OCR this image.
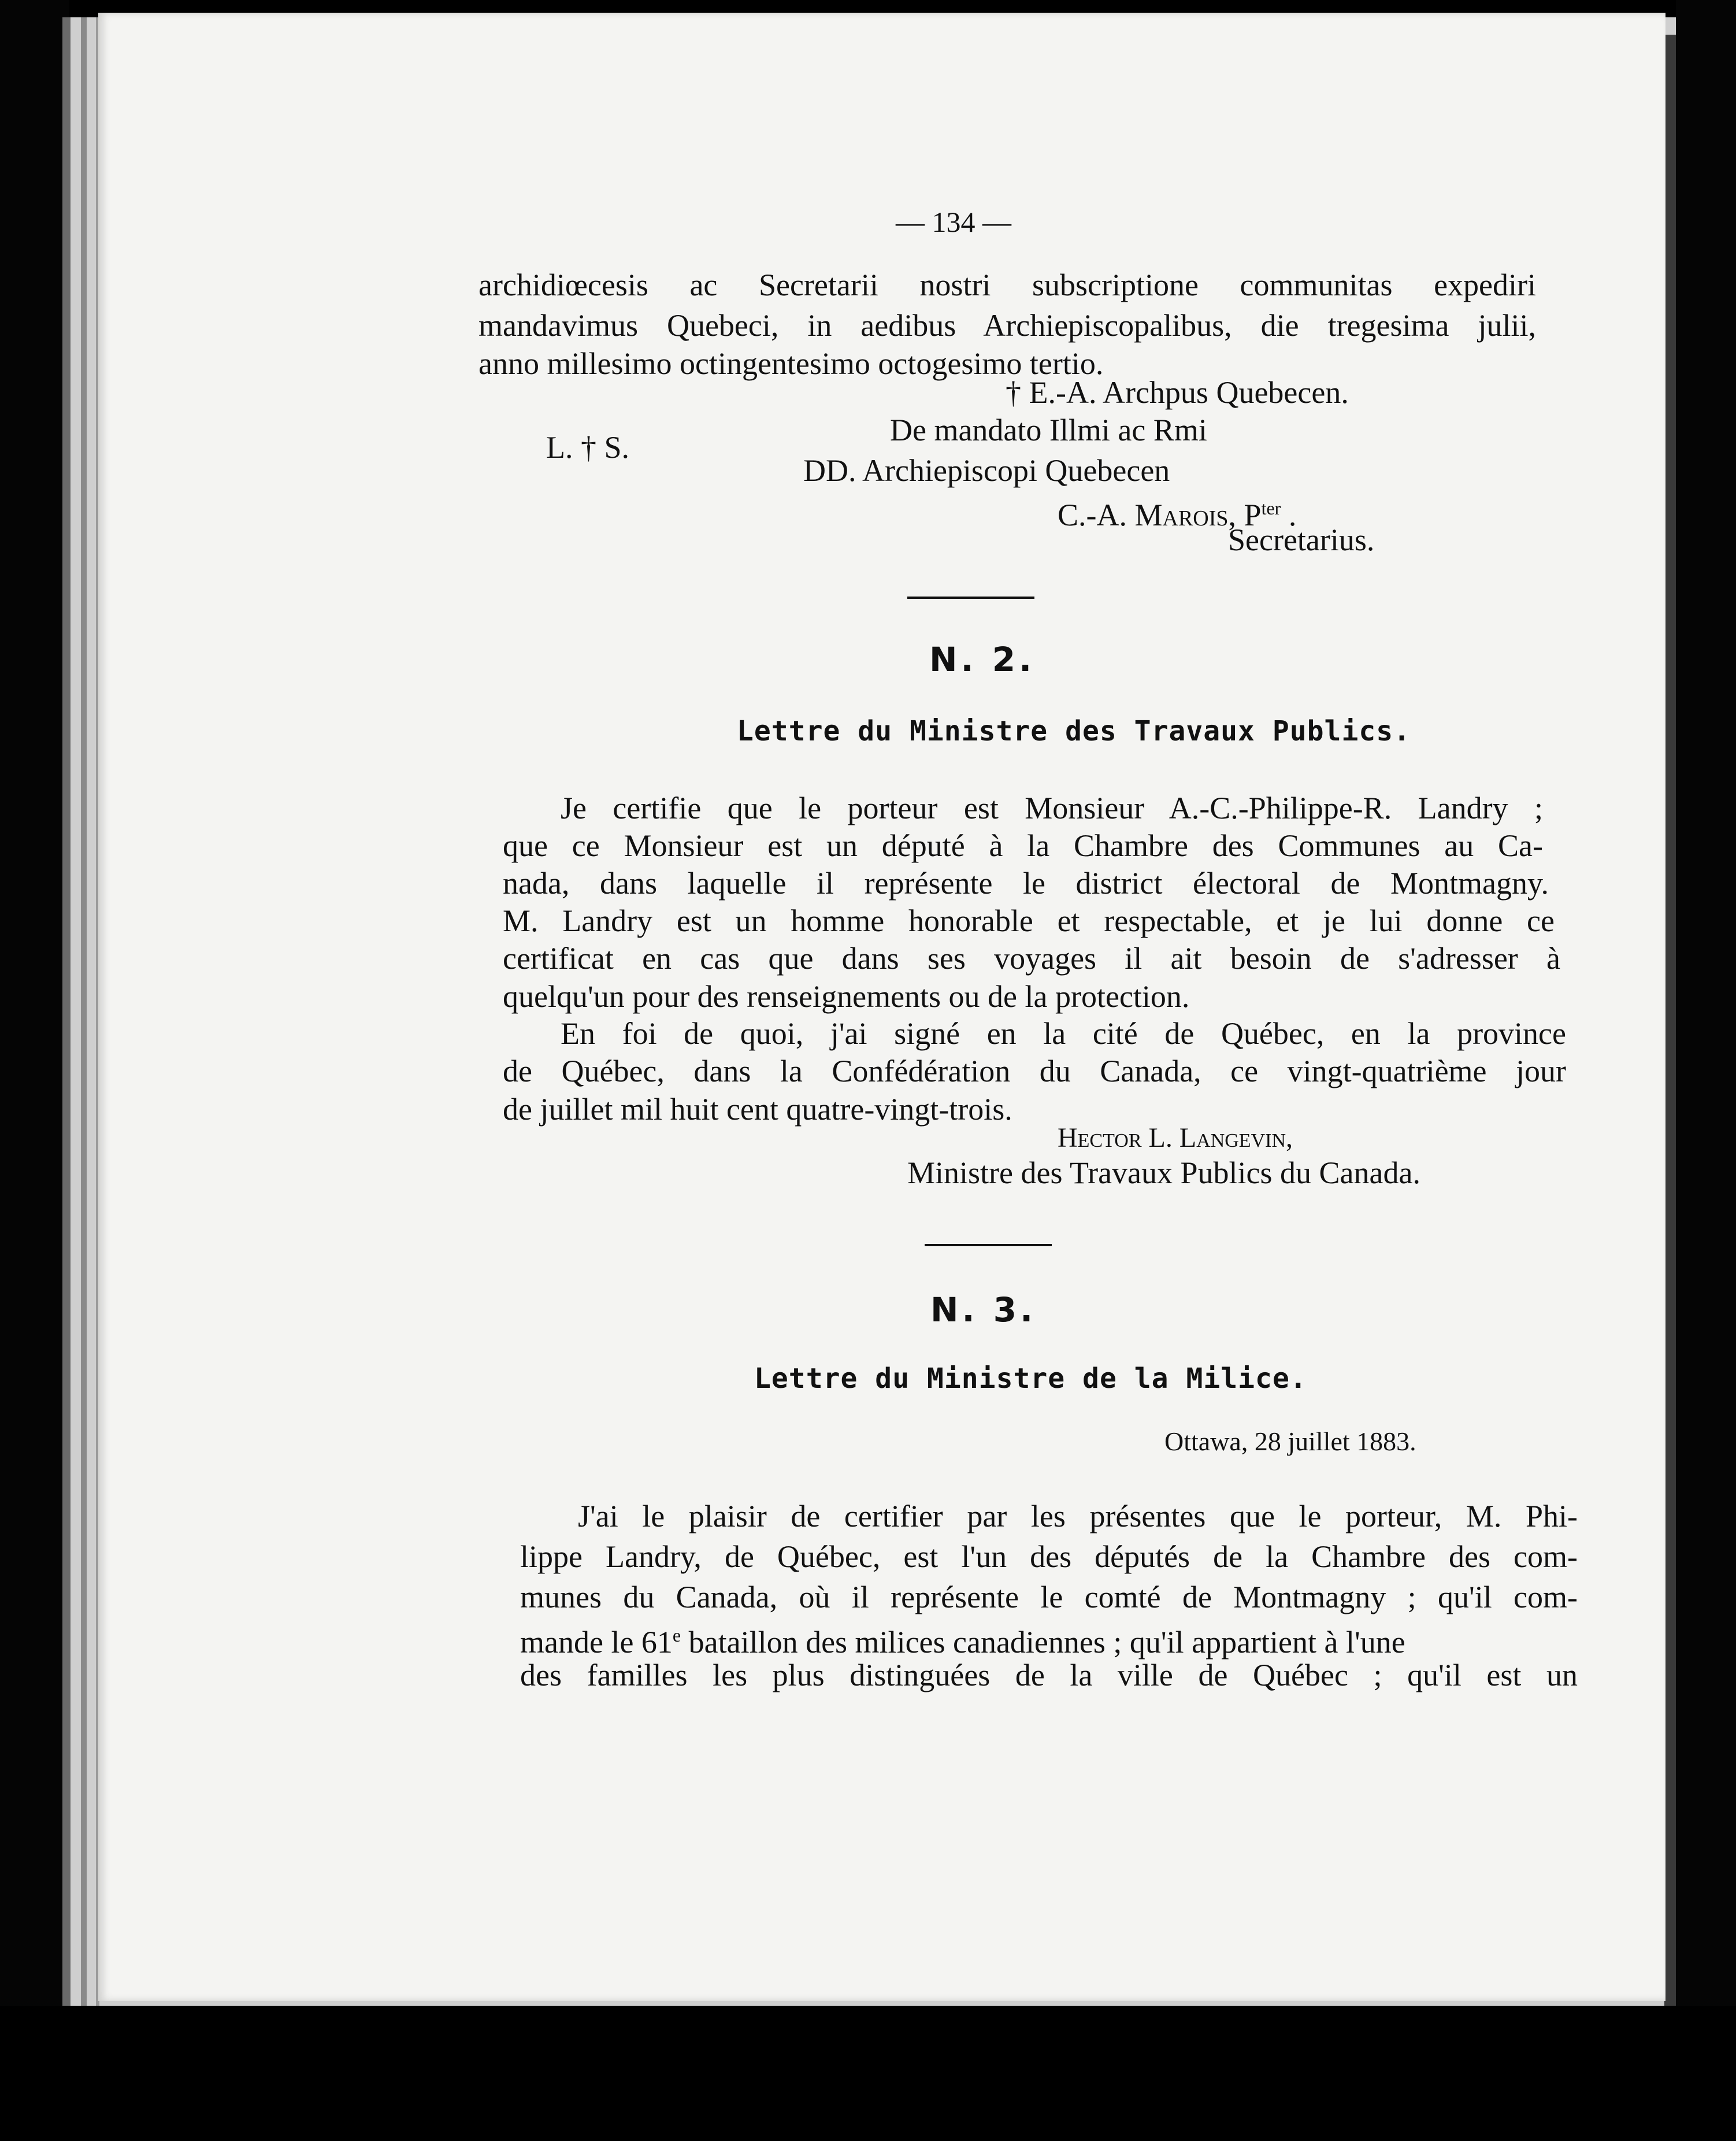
— 134 —
archidiœcesis ac Secretarii nostri subscriptione communitas expediri
mandavimus Quebeci, in aedibus Archiepiscopalibus, die tregesima julii,
anno millesimo octingentesimo octogesimo tertio.
† E.-A. Archpus Quebecen.
L. † S.	De mandato Illmi ac Rmi
DD. Archiepiscopi Quebecen
C.-A. Marois, $P^{ter}$ .
Secretarius.
N. 2.
Lettre du Ministre des Travaux Publics.
Je certifie que le porteur est Monsieur A.-C.-Philippe-R. Landry ;
que ce Monsieur est un député à la Chambre des Communes au Ca-
nada, dans laquelle il représente le district électoral de Montmagny.
M. Landry est un homme honorable et respectable, et je lui donne ce
certificat en cas que dans ses voyages il ait besoin de s'adresser à
quelqu'un pour des renseignements ou de la protection.
En foi de quoi, j'ai signé en la cité de Québec, en la province
de Québec, dans la Confédération du Canada, ce vingt-quatrième jour
de juillet mil huit cent quatre-vingt-trois.
Hector L. Langevin,
Ministre des Travaux Publics du Canada.
N. 3.
Lettre du Ministre de la Milice.
Ottawa, 28 juillet 1883.
J'ai le plaisir de certifier par les présentes que le porteur, M. Phi-
lippe Landry, de Québec, est l'un des députés de la Chambre des com-
munes du Canada, où il représente le comté de Montmagny ; qu'il com-
mande le 61e bataillon des milices canadiennes ; qu'il appartient à l'une
des familles les plus distinguées de la ville de Québec ; qu'il est un
